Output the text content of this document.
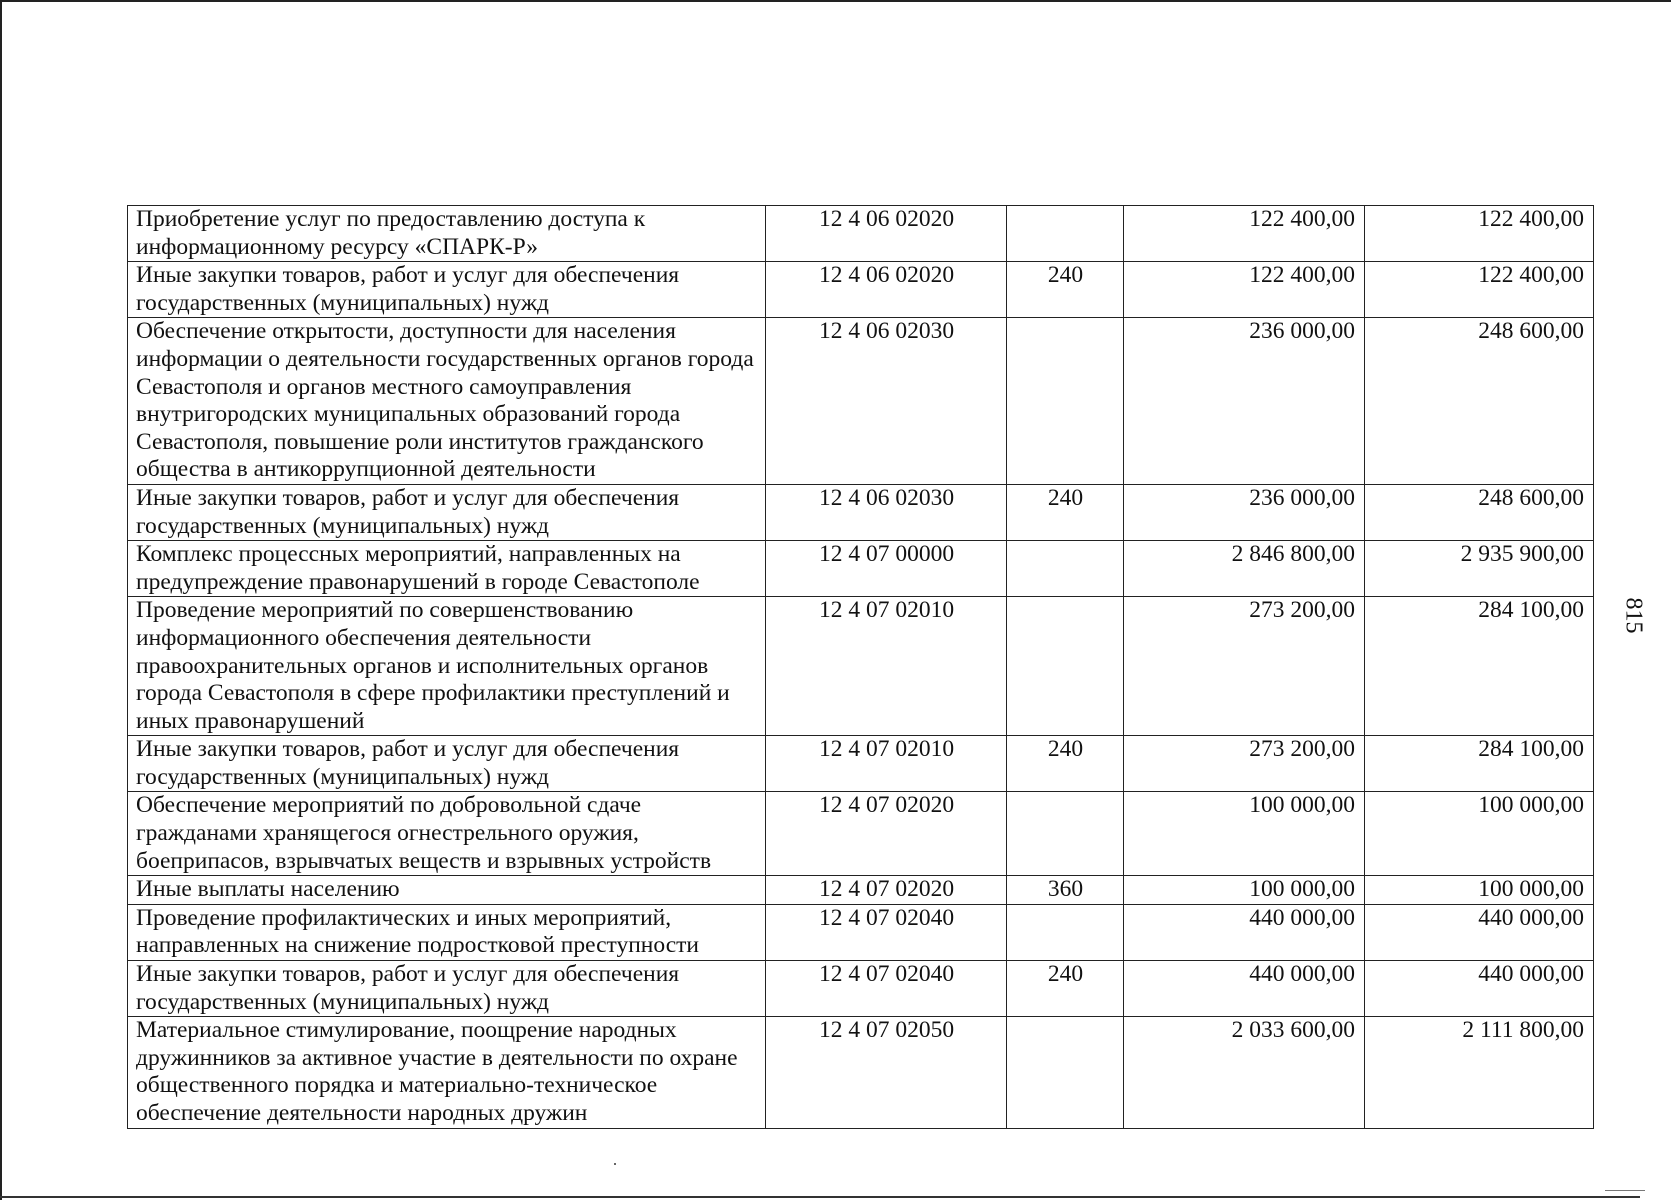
Приобретение услуг по предоставлению доступа к информационному ресурсу «СПАРК-Р»	12 4 06 02020		122 400,00	122 400,00
Иные закупки товаров, работ и услуг для обеспечения государственных (муниципальных) нужд	12 4 06 02020	240	122 400,00	122 400,00
Обеспечение открытости, доступности для населения информации о деятельности государственных органов города Севастополя и органов местного самоуправления внутригородских муниципальных образований города Севастополя, повышение роли институтов гражданского общества в антикоррупционной деятельности	12 4 06 02030		236 000,00	248 600,00
Иные закупки товаров, работ и услуг для обеспечения государственных (муниципальных) нужд	12 4 06 02030	240	236 000,00	248 600,00
Комплекс процессных мероприятий, направленных на предупреждение правонарушений в городе Севастополе	12 4 07 00000		2 846 800,00	2 935 900,00
Проведение мероприятий по совершенствованию информационного обеспечения деятельности правоохранительных органов и исполнительных органов города Севастополя в сфере профилактики преступлений и иных правонарушений	12 4 07 02010		273 200,00	284 100,00
Иные закупки товаров, работ и услуг для обеспечения государственных (муниципальных) нужд	12 4 07 02010	240	273 200,00	284 100,00
Обеспечение мероприятий по добровольной сдаче гражданами хранящегося огнестрельного оружия, боеприпасов, взрывчатых веществ и взрывных устройств	12 4 07 02020		100 000,00	100 000,00
Иные выплаты населению	12 4 07 02020	360	100 000,00	100 000,00
Проведение профилактических и иных мероприятий, направленных на снижение подростковой преступности	12 4 07 02040		440 000,00	440 000,00
Иные закупки товаров, работ и услуг для обеспечения государственных (муниципальных) нужд	12 4 07 02040	240	440 000,00	440 000,00
Материальное стимулирование, поощрение народных дружинников за активное участие в деятельности по охране общественного порядка и материально-техническое обеспечение деятельности народных дружин	12 4 07 02050		2 033 600,00	2 111 800,00
815
